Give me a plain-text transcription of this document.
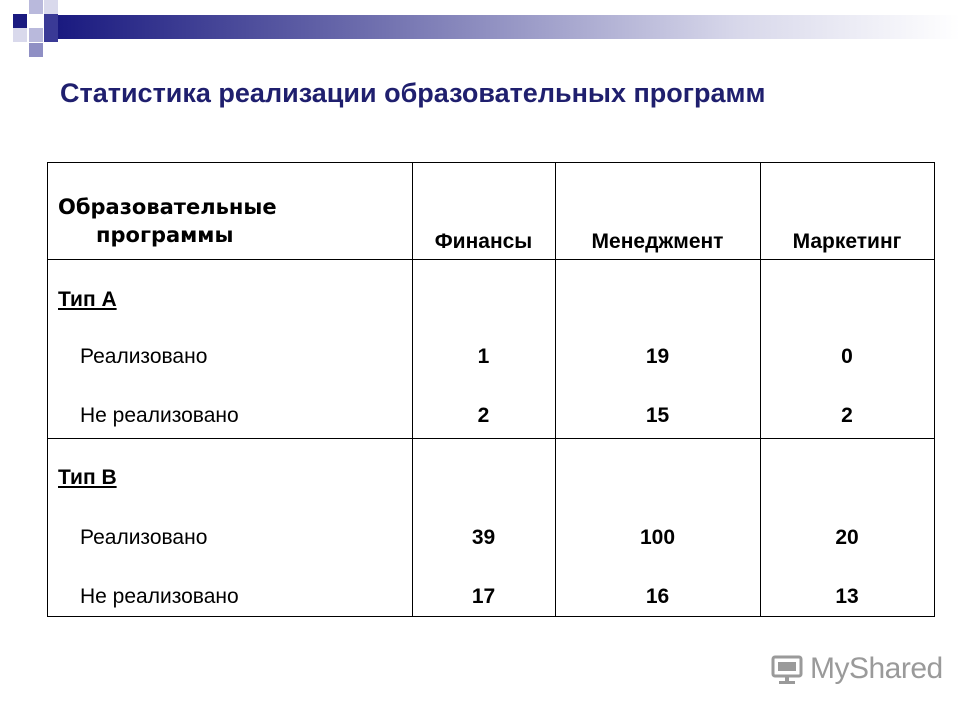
Статистика реализации образовательных программ
Образовательные
программы	Финансы	Менеджмент	Маркетинг
Тип А
Реализовано	1	19	0
Не реализовано	2	15	2
Тип В
Реализовано	39	100	20
Не реализовано	17	16	13
MyShared
